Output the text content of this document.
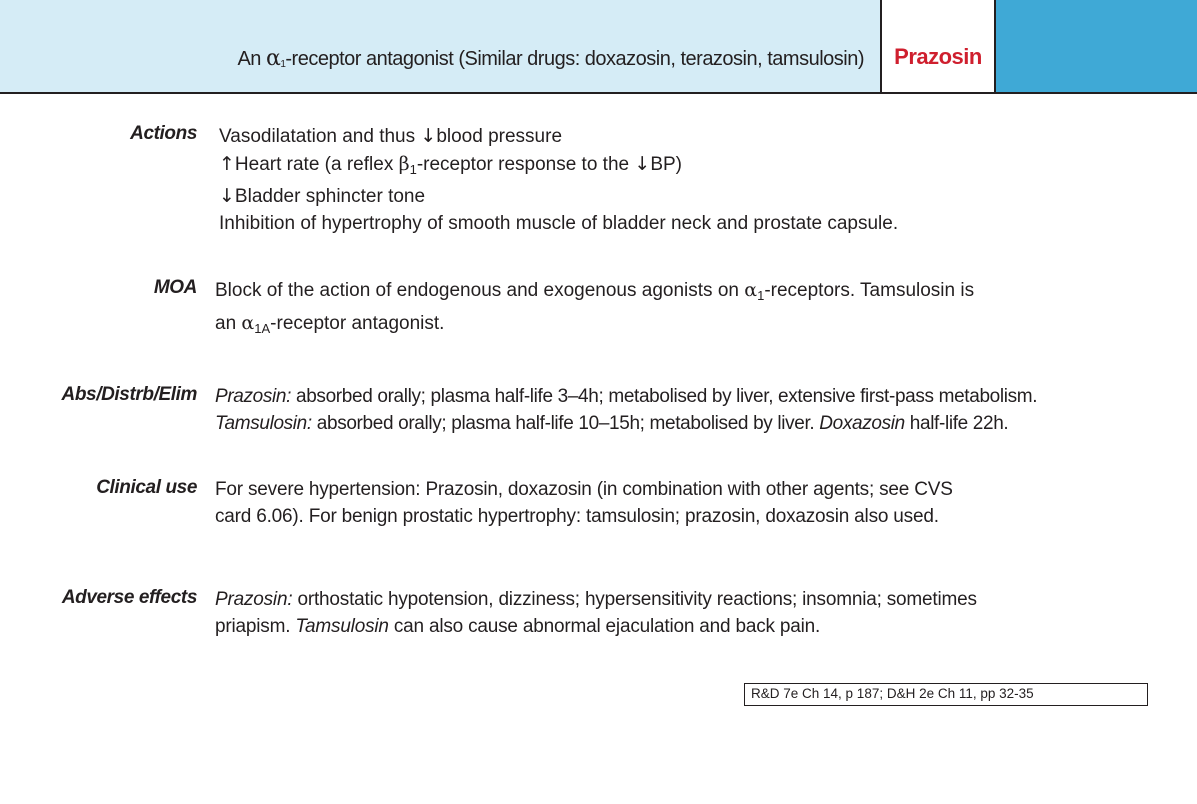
An $\alpha_1$-receptor antagonist (Similar drugs: doxazosin, terazosin, tamsulosin)	Prazosin
Actions Vasodilatation and thus ↓blood pressure
↑Heart rate (a reflex $\beta_1$-receptor response to the ↓BP)
↓Bladder sphincter tone
Inhibition of hypertrophy of smooth muscle of bladder neck and prostate capsule.
MOA Block of the action of endogenous and exogenous agonists on $\alpha_1$-receptors. Tamsulosin is
an $\alpha_{1A}$-receptor antagonist.
Abs/Distrb/Elim Prazosin: absorbed orally; plasma half-life 3–4h; metabolised by liver, extensive first-pass metabolism.
Tamsulosin: absorbed orally; plasma half-life 10–15h; metabolised by liver. Doxazosin half-life 22h.
Clinical use For severe hypertension: Prazosin, doxazosin (in combination with other agents; see CVS
card 6.06). For benign prostatic hypertrophy: tamsulosin; prazosin, doxazosin also used.
Adverse effects Prazosin: orthostatic hypotension, dizziness; hypersensitivity reactions; insomnia; sometimes
priapism. Tamsulosin can also cause abnormal ejaculation and back pain.
R&D 7e Ch 14, p 187; D&H 2e Ch 11, pp 32-35
